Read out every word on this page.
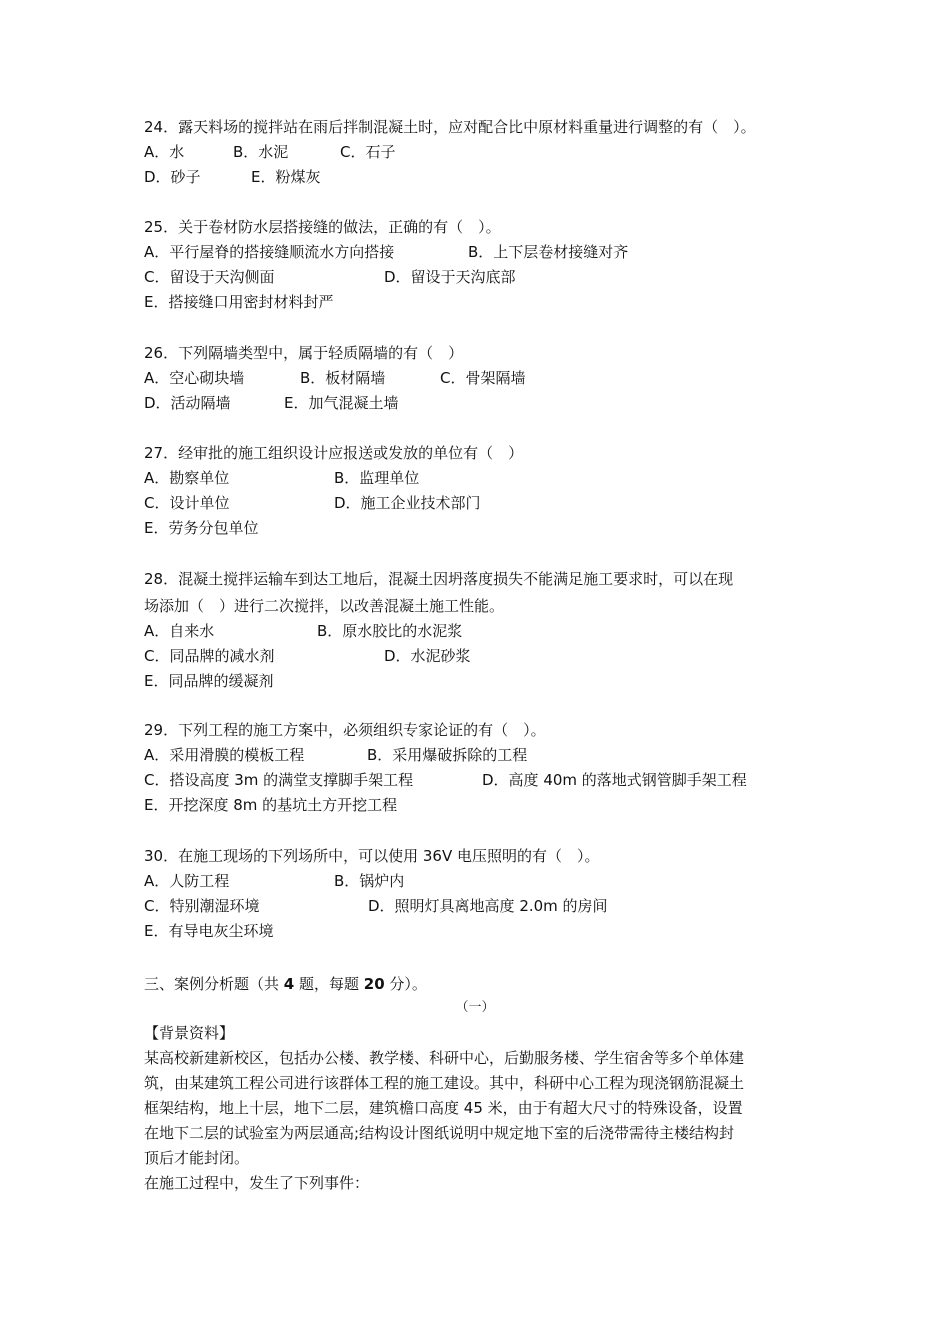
24．露天料场的搅拌站在雨后拌制混凝土时，应对配合比中原材料重量进行调整的有（　）。
A．水	B．水泥	C．石子
D．砂子	E．粉煤灰
25．关于卷材防水层搭接缝的做法，正确的有（　）。
A．平行屋脊的搭接缝顺流水方向搭接	B．上下层卷材接缝对齐
C．留设于天沟侧面	D．留设于天沟底部
E．搭接缝口用密封材料封严
26．下列隔墙类型中，属于轻质隔墙的有（　）
A．空心砌块墙	B．板材隔墙	C．骨架隔墙
D．活动隔墙	E．加气混凝土墙
27．经审批的施工组织设计应报送或发放的单位有（　）
A．勘察单位	B．监理单位
C．设计单位	D．施工企业技术部门
E．劳务分包单位
28．混凝土搅拌运输车到达工地后，混凝土因坍落度损失不能满足施工要求时，可以在现
场添加（　）进行二次搅拌，以改善混凝土施工性能。
A．自来水	B．原水胶比的水泥浆
C．同品牌的减水剂	D．水泥砂浆
E．同品牌的缓凝剂
29．下列工程的施工方案中，必须组织专家论证的有（　）。
A．采用滑膜的模板工程	B．采用爆破拆除的工程
C．搭设高度 3m 的满堂支撑脚手架工程	D．高度 40m 的落地式钢管脚手架工程
E．开挖深度 8m 的基坑土方开挖工程
30．在施工现场的下列场所中，可以使用 36V 电压照明的有（　）。
A．人防工程	B．锅炉内
C．特别潮湿环境	D．照明灯具离地高度 2.0m 的房间
E．有导电灰尘环境
三、案例分析题（共 4 题，每题 20 分）。
（一）
【背景资料】
某高校新建新校区，包括办公楼、教学楼、科研中心，后勤服务楼、学生宿舍等多个单体建
筑，由某建筑工程公司进行该群体工程的施工建设。其中，科研中心工程为现浇钢筋混凝土
框架结构，地上十层，地下二层，建筑檐口高度 45 米，由于有超大尺寸的特殊设备，设置
在地下二层的试验室为两层通高;结构设计图纸说明中规定地下室的后浇带需待主楼结构封
顶后才能封闭。
在施工过程中，发生了下列事件：
